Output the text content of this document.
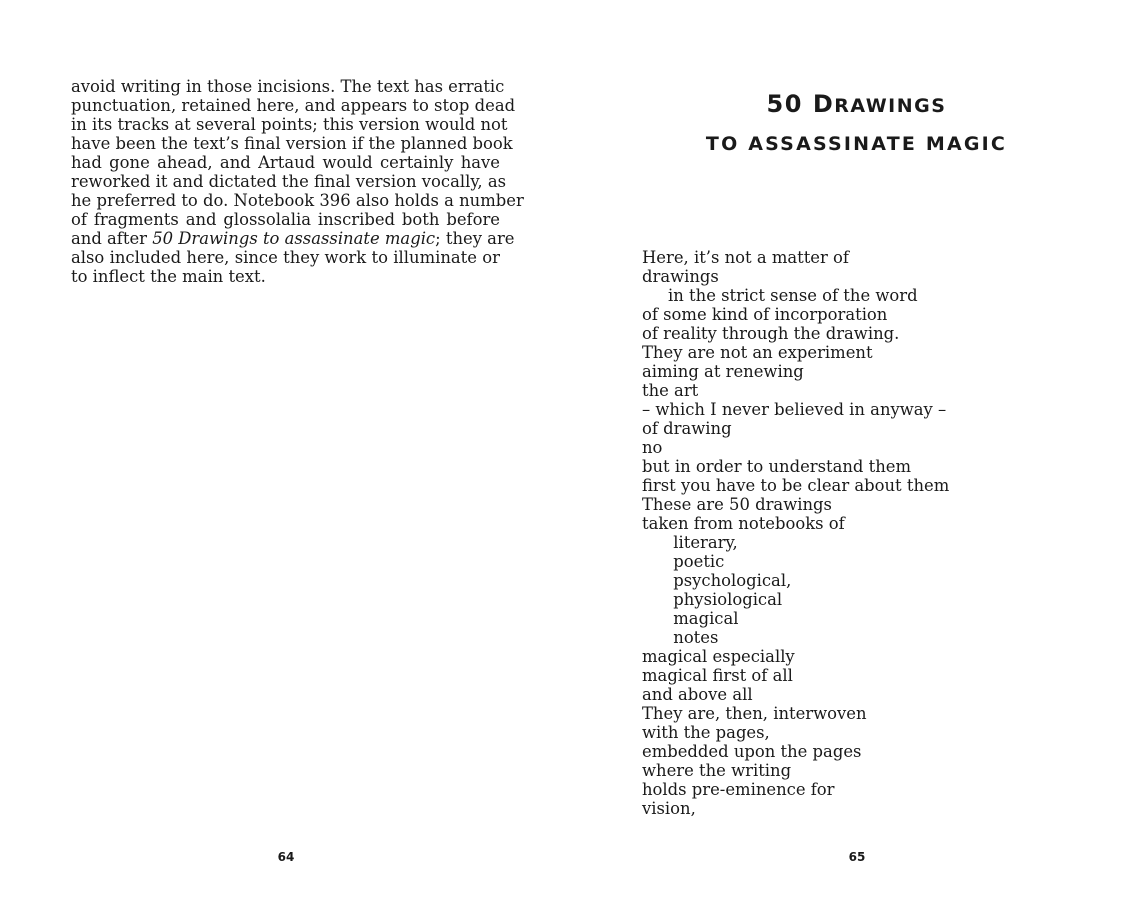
avoid writing in those incisions. The text has erratic
punctuation, retained here, and appears to stop dead
in its tracks at several points; this version would not
have been the text’s final version if the planned book
had gone ahead, and Artaud would certainly have
reworked it and dictated the final version vocally, as
he preferred to do. Notebook 396 also holds a number
of fragments and glossolalia inscribed both before
and after 50 Drawings to assassinate magic; they are
also included here, since they work to illuminate or
to inflect the main text.
50 DRAWINGS
TO ASSASSINATE MAGIC
Here, it’s not a matter of
drawings
in the strict sense of the word
of some kind of incorporation
of reality through the drawing.
They are not an experiment
aiming at renewing
the art
– which I never believed in anyway –
of drawing
no
but in order to understand them
first you have to be clear about them
These are 50 drawings
taken from notebooks of
literary,
poetic
psychological,
physiological
magical
notes
magical especially
magical first of all
and above all
They are, then, interwoven
with the pages,
embedded upon the pages
where the writing
holds pre-eminence for
vision,
64	65
